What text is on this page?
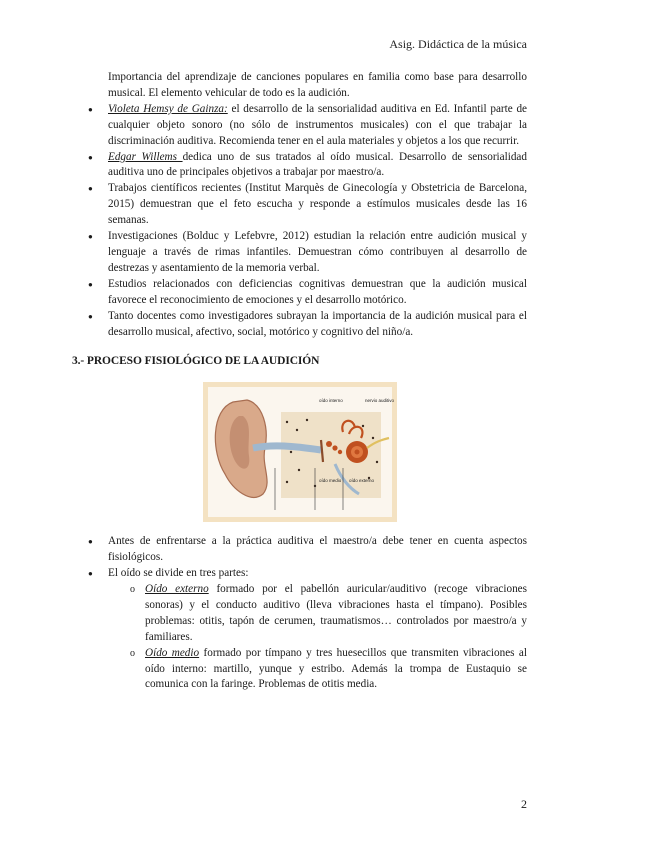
Asig. Didáctica de la música

Importancia del aprendizaje de canciones populares en familia como base para desarrollo musical. El elemento vehicular de todo es la audición.

● Violeta Hemsy de Gainza: el desarrollo de la sensorialidad auditiva en Ed. Infantil parte de cualquier objeto sonoro (no sólo de instrumentos musicales) con el que trabajar la discriminación auditiva. Recomienda tener en el aula materiales y objetos a los que recurrir.
● Edgar Willems dedica uno de sus tratados al oído musical. Desarrollo de sensorialidad auditiva uno de principales objetivos a trabajar por maestro/a.
● Trabajos científicos recientes (Institut Marquès de Ginecología y Obstetricia de Barcelona, 2015) demuestran que el feto escucha y responde a estímulos musicales desde las 16 semanas.
● Investigaciones (Bolduc y Lefebvre, 2012) estudian la relación entre audición musical y lenguaje a través de rimas infantiles. Demuestran cómo contribuyen al desarrollo de destrezas y asentamiento de la memoria verbal.
● Estudios relacionados con deficiencias cognitivas demuestran que la audición musical favorece el reconocimiento de emociones y el desarrollo motórico.
● Tanto docentes como investigadores subrayan la importancia de la audición musical para el desarrollo musical, afectivo, social, motórico y cognitivo del niño/a.
3.- PROCESO FISIOLÓGICO DE LA AUDICIÓN
oído interno	nervio auditivo
oído medio oído externo
● Antes de enfrentarse a la práctica auditiva el maestro/a debe tener en cuenta aspectos fisiológicos.
● El oído se divide en tres partes:
o Oído externo formado por el pabellón auricular/auditivo (recoge vibraciones sonoras) y el conducto auditivo (lleva vibraciones hasta el tímpano). Posibles problemas: otitis, tapón de cerumen, traumatismos… controlados por maestro/a y familiares.
o Oído medio formado por tímpano y tres huesecillos que transmiten vibraciones al oído interno: martillo, yunque y estribo. Además la trompa de Eustaquio se comunica con la faringe. Problemas de otitis media.
2
